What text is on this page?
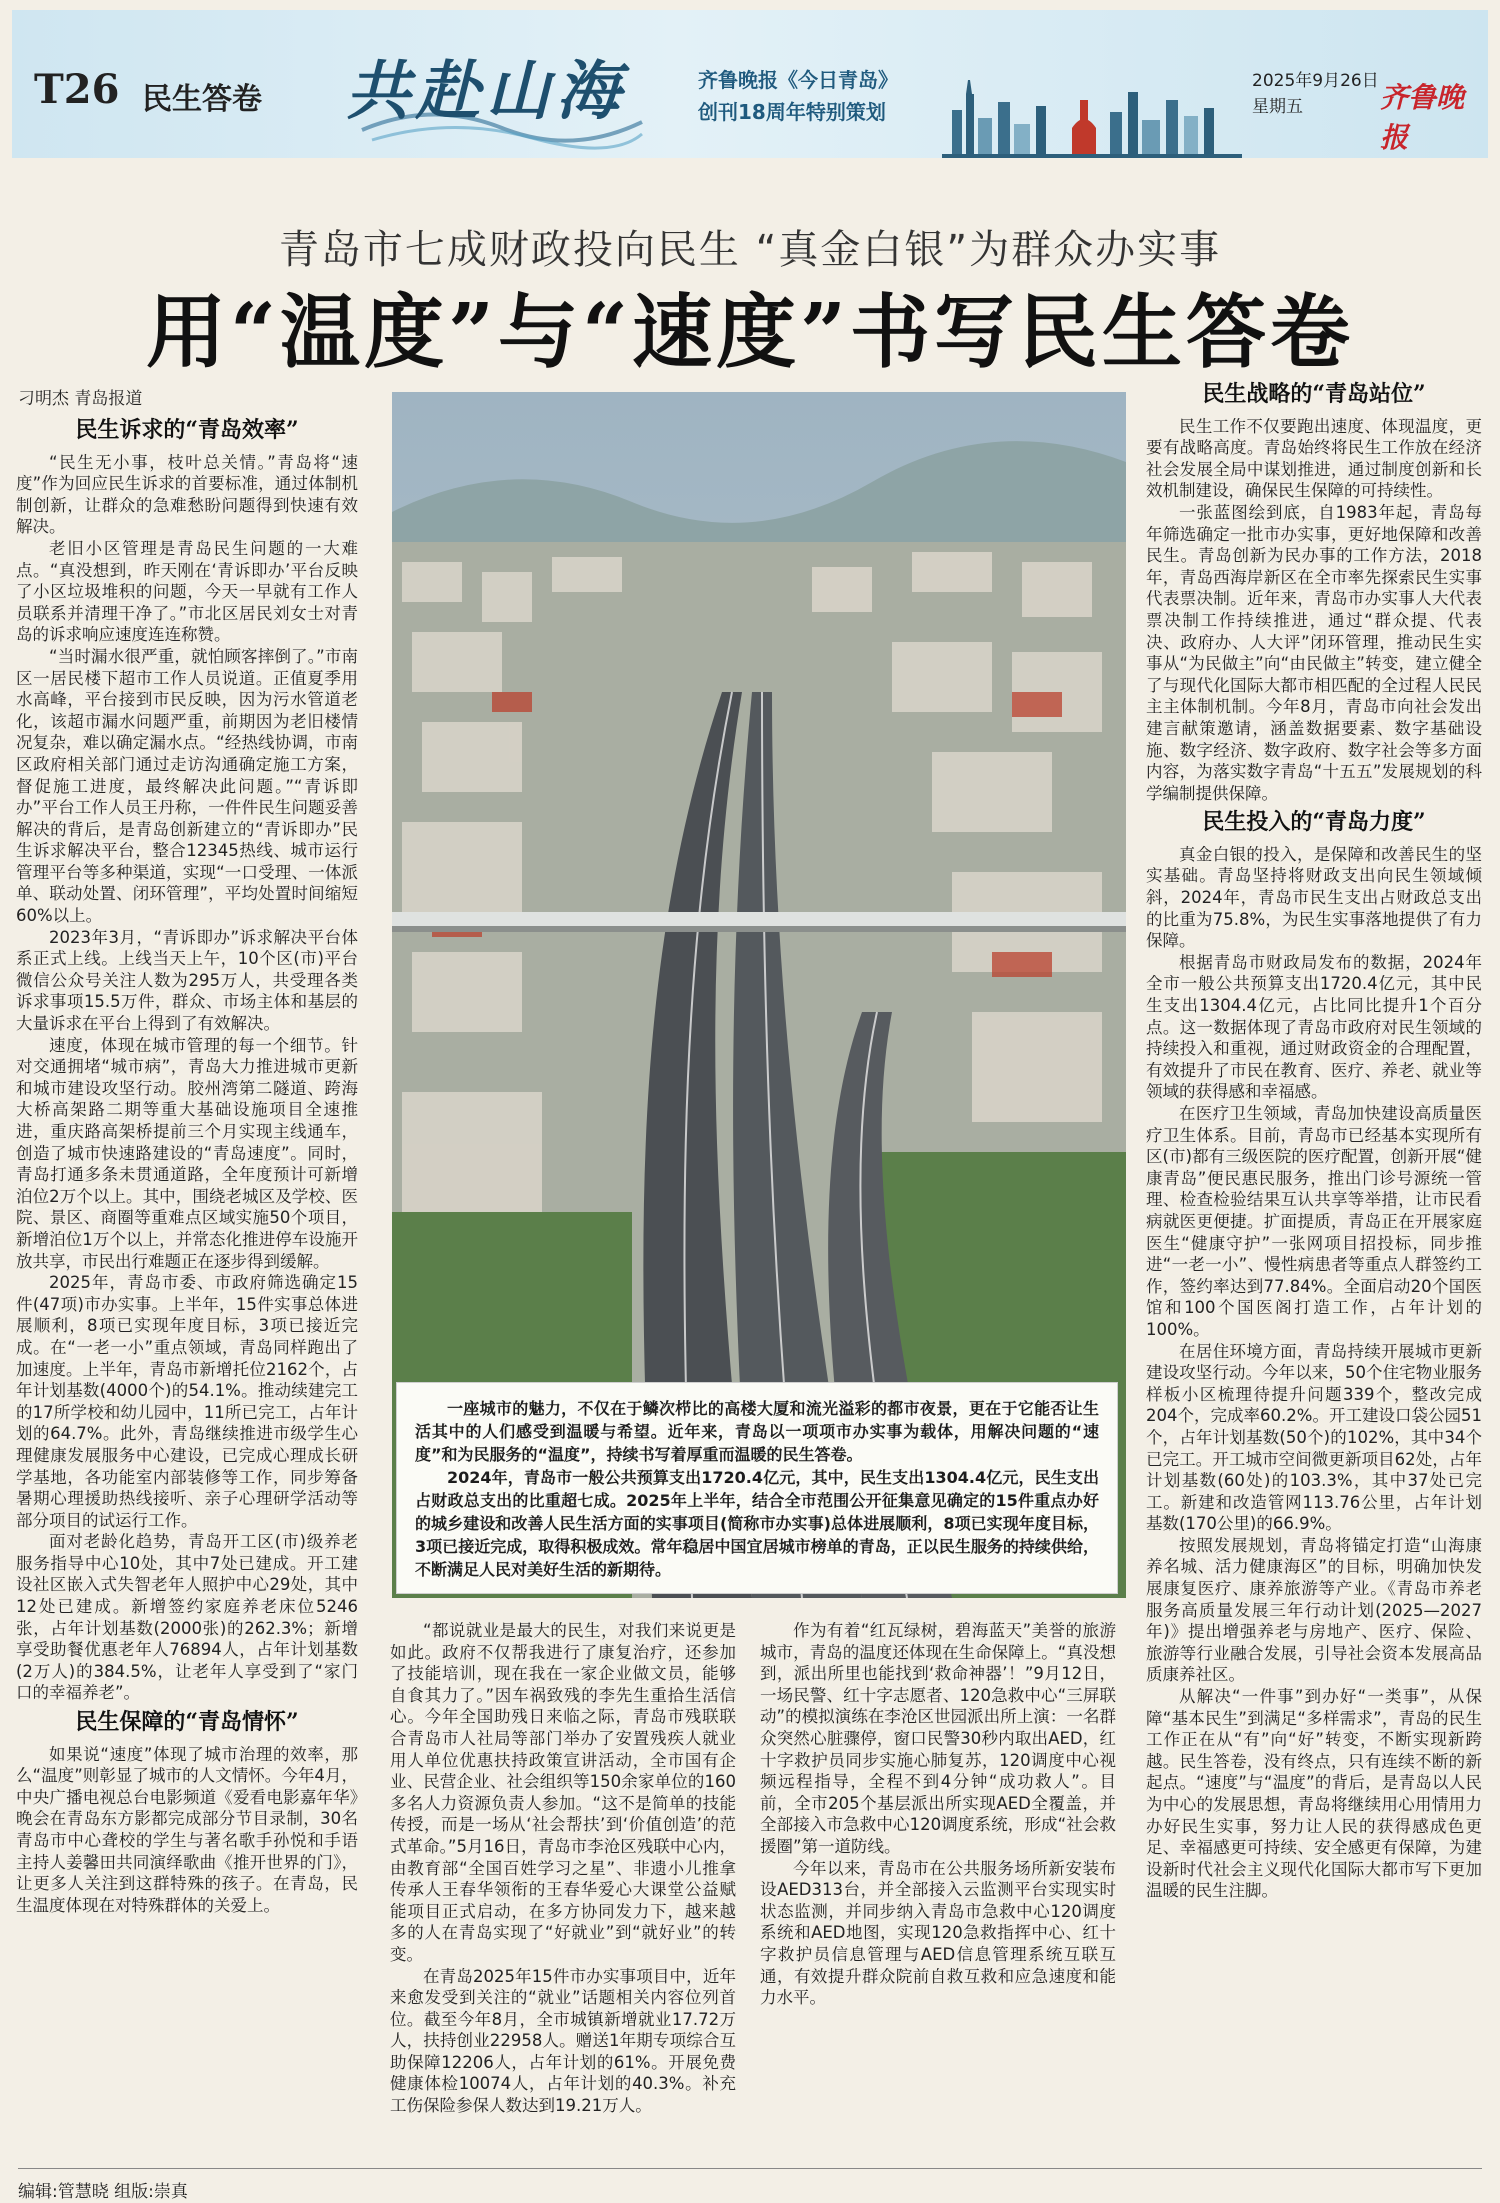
T26 民生答卷 共赴山海	齐鲁晚报《今日青岛》
创刊18周年特别策划
2025年9月26日
星期五	齐鲁晚报
青岛市七成财政投向民生 “真金白银”为群众办实事
用“温度”与“速度”书写民生答卷
刁明杰 青岛报道
民生诉求的“青岛效率”

“民生无小事，枝叶总关情。”青岛将“速度”作为回应民生诉求的首要标准，通过体制机制创新，让群众的急难愁盼问题得到快速有效解决。

老旧小区管理是青岛民生问题的一大难点。“真没想到，昨天刚在‘青诉即办’平台反映了小区垃圾堆积的问题，今天一早就有工作人员联系并清理干净了。”市北区居民刘女士对青岛的诉求响应速度连连称赞。

“当时漏水很严重，就怕顾客摔倒了。”市南区一居民楼下超市工作人员说道。正值夏季用水高峰，平台接到市民反映，因为污水管道老化，该超市漏水问题严重，前期因为老旧楼情况复杂，难以确定漏水点。“经热线协调，市南区政府相关部门通过走访沟通确定施工方案，督促施工进度，最终解决此问题。”“青诉即办”平台工作人员王丹称，一件件民生问题妥善解决的背后，是青岛创新建立的“青诉即办”民生诉求解决平台，整合12345热线、城市运行管理平台等多种渠道，实现“一口受理、一体派单、联动处置、闭环管理”，平均处置时间缩短60%以上。

2023年3月，“青诉即办”诉求解决平台体系正式上线。上线当天上午，10个区(市)平台微信公众号关注人数为295万人，共受理各类诉求事项15.5万件，群众、市场主体和基层的大量诉求在平台上得到了有效解决。

速度，体现在城市管理的每一个细节。针对交通拥堵“城市病”，青岛大力推进城市更新和城市建设攻坚行动。胶州湾第二隧道、跨海大桥高架路二期等重大基础设施项目全速推进，重庆路高架桥提前三个月实现主线通车，创造了城市快速路建设的“青岛速度”。同时，青岛打通多条未贯通道路，全年度预计可新增泊位2万个以上。其中，围绕老城区及学校、医院、景区、商圈等重难点区域实施50个项目，新增泊位1万个以上，并常态化推进停车设施开放共享，市民出行难题正在逐步得到缓解。

2025年，青岛市委、市政府筛选确定15件(47项)市办实事。上半年，15件实事总体进展顺利，8项已实现年度目标，3项已接近完成。在“一老一小”重点领域，青岛同样跑出了加速度。上半年，青岛市新增托位2162个，占年计划基数(4000个)的54.1%。推动续建完工的17所学校和幼儿园中，11所已完工，占年计划的64.7%。此外，青岛继续推进市级学生心理健康发展服务中心建设，已完成心理成长研学基地，各功能室内部装修等工作，同步筹备暑期心理援助热线接听、亲子心理研学活动等部分项目的试运行工作。

面对老龄化趋势，青岛开工区(市)级养老服务指导中心10处，其中7处已建成。开工建设社区嵌入式失智老年人照护中心29处，其中12处已建成。新增签约家庭养老床位5246张，占年计划基数(2000张)的262.3%；新增享受助餐优惠老年人76894人，占年计划基数(2万人)的384.5%，让老年人享受到了“家门口的幸福养老”。

民生保障的“青岛情怀”

如果说“速度”体现了城市治理的效率，那么“温度”则彰显了城市的人文情怀。今年4月，中央广播电视总台电影频道《爱看电影嘉年华》晚会在青岛东方影都完成部分节目录制，30名青岛市中心聋校的学生与著名歌手孙悦和手语主持人姜馨田共同演绎歌曲《推开世界的门》，让更多人关注到这群特殊的孩子。在青岛，民生温度体现在对特殊群体的关爱上。

一座城市的魅力，不仅在于鳞次栉比的高楼大厦和流光溢彩的都市夜景，更在于它能否让生活其中的人们感受到温暖与希望。近年来，青岛以一项项市办实事为载体，用解决问题的“速度”和为民服务的“温度”，持续书写着厚重而温暖的民生答卷。

2024年，青岛市一般公共预算支出1720.4亿元，其中，民生支出1304.4亿元，民生支出占财政总支出的比重超七成。2025年上半年，结合全市范围公开征集意见确定的15件重点办好的城乡建设和改善人民生活方面的实事项目(简称市办实事)总体进展顺利，8项已实现年度目标，3项已接近完成，取得积极成效。常年稳居中国宜居城市榜单的青岛，正以民生服务的持续供给，不断满足人民对美好生活的新期待。

“都说就业是最大的民生，对我们来说更是如此。政府不仅帮我进行了康复治疗，还参加了技能培训，现在我在一家企业做文员，能够自食其力了。”因车祸致残的李先生重拾生活信心。今年全国助残日来临之际，青岛市残联联合青岛市人社局等部门举办了安置残疾人就业用人单位优惠扶持政策宣讲活动，全市国有企业、民营企业、社会组织等150余家单位的160多名人力资源负责人参加。“这不是简单的技能传授，而是一场从‘社会帮扶’到‘价值创造’的范式革命。”5月16日，青岛市李沧区残联中心内，由教育部“全国百姓学习之星”、非遗小儿推拿传承人王春华领衔的王春华爱心大课堂公益赋能项目正式启动，在多方协同发力下，越来越多的人在青岛实现了“好就业”到“就好业”的转变。

在青岛2025年15件市办实事项目中，近年来愈发受到关注的“就业”话题相关内容位列首位。截至今年8月，全市城镇新增就业17.72万人，扶持创业22958人。赠送1年期专项综合互助保障12206人，占年计划的61%。开展免费健康体检10074人，占年计划的40.3%。补充工伤保险参保人数达到19.21万人。

作为有着“红瓦绿树，碧海蓝天”美誉的旅游城市，青岛的温度还体现在生命保障上。“真没想到，派出所里也能找到‘救命神器’！”9月12日，一场民警、红十字志愿者、120急救中心“三屏联动”的模拟演练在李沧区世园派出所上演：一名群众突然心脏骤停，窗口民警30秒内取出AED，红十字救护员同步实施心肺复苏，120调度中心视频远程指导，全程不到4分钟“成功救人”。目前，全市205个基层派出所实现AED全覆盖，并全部接入市急救中心120调度系统，形成“社会救援圈”第一道防线。

今年以来，青岛市在公共服务场所新安装布设AED313台，并全部接入云监测平台实现实时状态监测，并同步纳入青岛市急救中心120调度系统和AED地图，实现120急救指挥中心、红十字救护员信息管理与AED信息管理系统互联互通，有效提升群众院前自救互救和应急速度和能力水平。

民生战略的“青岛站位”

民生工作不仅要跑出速度、体现温度，更要有战略高度。青岛始终将民生工作放在经济社会发展全局中谋划推进，通过制度创新和长效机制建设，确保民生保障的可持续性。

一张蓝图绘到底，自1983年起，青岛每年筛选确定一批市办实事，更好地保障和改善民生。青岛创新为民办事的工作方法，2018年，青岛西海岸新区在全市率先探索民生实事代表票决制。近年来，青岛市办实事人大代表票决制工作持续推进，通过“群众提、代表决、政府办、人大评”闭环管理，推动民生实事从“为民做主”向“由民做主”转变，建立健全了与现代化国际大都市相匹配的全过程人民民主主体制机制。今年8月，青岛市向社会发出建言献策邀请，涵盖数据要素、数字基础设施、数字经济、数字政府、数字社会等多方面内容，为落实数字青岛“十五五”发展规划的科学编制提供保障。

民生投入的“青岛力度”

真金白银的投入，是保障和改善民生的坚实基础。青岛坚持将财政支出向民生领域倾斜，2024年，青岛市民生支出占财政总支出的比重为75.8%，为民生实事落地提供了有力保障。

根据青岛市财政局发布的数据，2024年全市一般公共预算支出1720.4亿元，其中民生支出1304.4亿元，占比同比提升1个百分点。这一数据体现了青岛市政府对民生领域的持续投入和重视，通过财政资金的合理配置，有效提升了市民在教育、医疗、养老、就业等领域的获得感和幸福感。

在医疗卫生领域，青岛加快建设高质量医疗卫生体系。目前，青岛市已经基本实现所有区(市)都有三级医院的医疗配置，创新开展“健康青岛”便民惠民服务，推出门诊号源统一管理、检查检验结果互认共享等举措，让市民看病就医更便捷。扩面提质，青岛正在开展家庭医生“健康守护”一张网项目招投标，同步推进“一老一小”、慢性病患者等重点人群签约工作，签约率达到77.84%。全面启动20个国医馆和100个国医阁打造工作，占年计划的100%。

在居住环境方面，青岛持续开展城市更新建设攻坚行动。今年以来，50个住宅物业服务样板小区梳理待提升问题339个，整改完成204个，完成率60.2%。开工建设口袋公园51个，占年计划基数(50个)的102%，其中34个已完工。开工城市空间微更新项目62处，占年计划基数(60处)的103.3%，其中37处已完工。新建和改造管网113.76公里，占年计划基数(170公里)的66.9%。

按照发展规划，青岛将锚定打造“山海康养名城、活力健康海区”的目标，明确加快发展康复医疗、康养旅游等产业。《青岛市养老服务高质量发展三年行动计划(2025—2027年)》提出增强养老与房地产、医疗、保险、旅游等行业融合发展，引导社会资本发展高品质康养社区。

从解决“一件事”到办好“一类事”，从保障“基本民生”到满足“多样需求”，青岛的民生工作正在从“有”向“好”转变，不断实现新跨越。民生答卷，没有终点，只有连续不断的新起点。“速度”与“温度”的背后，是青岛以人民为中心的发展思想，青岛将继续用心用情用力办好民生实事，努力让人民的获得感成色更足、幸福感更可持续、安全感更有保障，为建设新时代社会主义现代化国际大都市写下更加温暖的民生注脚。

编辑:管慧晓 组版:崇真
